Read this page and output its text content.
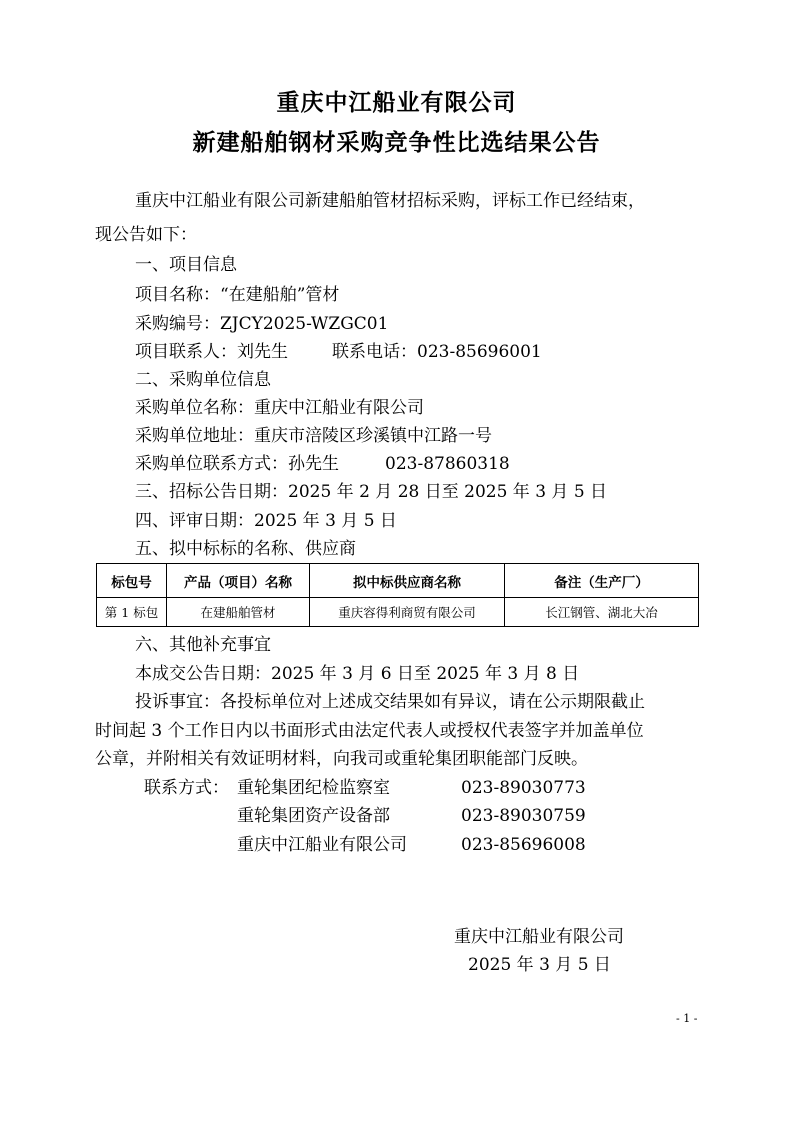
重庆中江船业有限公司
新建船舶钢材采购竞争性比选结果公告
重庆中江船业有限公司新建船舶管材招标采购，评标工作已经结束，
现公告如下：
一、项目信息
项目名称：“在建船舶”管材
采购编号：ZJCY2025-WZGC01
项目联系人：刘先生	联系电话：023-85696001
二、采购单位信息
采购单位名称：重庆中江船业有限公司
采购单位地址：重庆市涪陵区珍溪镇中江路一号
采购单位联系方式：孙先生	023-87860318
三、招标公告日期：2025 年 2 月 28 日至 2025 年 3 月 5 日
四、评审日期：2025 年 3 月 5 日
五、拟中标标的名称、供应商
标包号	产品（项目）名称	拟中标供应商名称	备注（生产厂）
第 1 标包	在建船舶管材	重庆容得利商贸有限公司	长江钢管、湖北大冶
六、其他补充事宜
本成交公告日期：2025 年 3 月 6 日至 2025 年 3 月 8 日
投诉事宜：各投标单位对上述成交结果如有异议，请在公示期限截止
时间起 3 个工作日内以书面形式由法定代表人或授权代表签字并加盖单位
公章，并附相关有效证明材料，向我司或重轮集团职能部门反映。
联系方式： 重轮集团纪检监察室	023-89030773
重轮集团资产设备部	023-89030759
重庆中江船业有限公司	023-85696008
重庆中江船业有限公司
2025 年 3 月 5 日
- 1 -
